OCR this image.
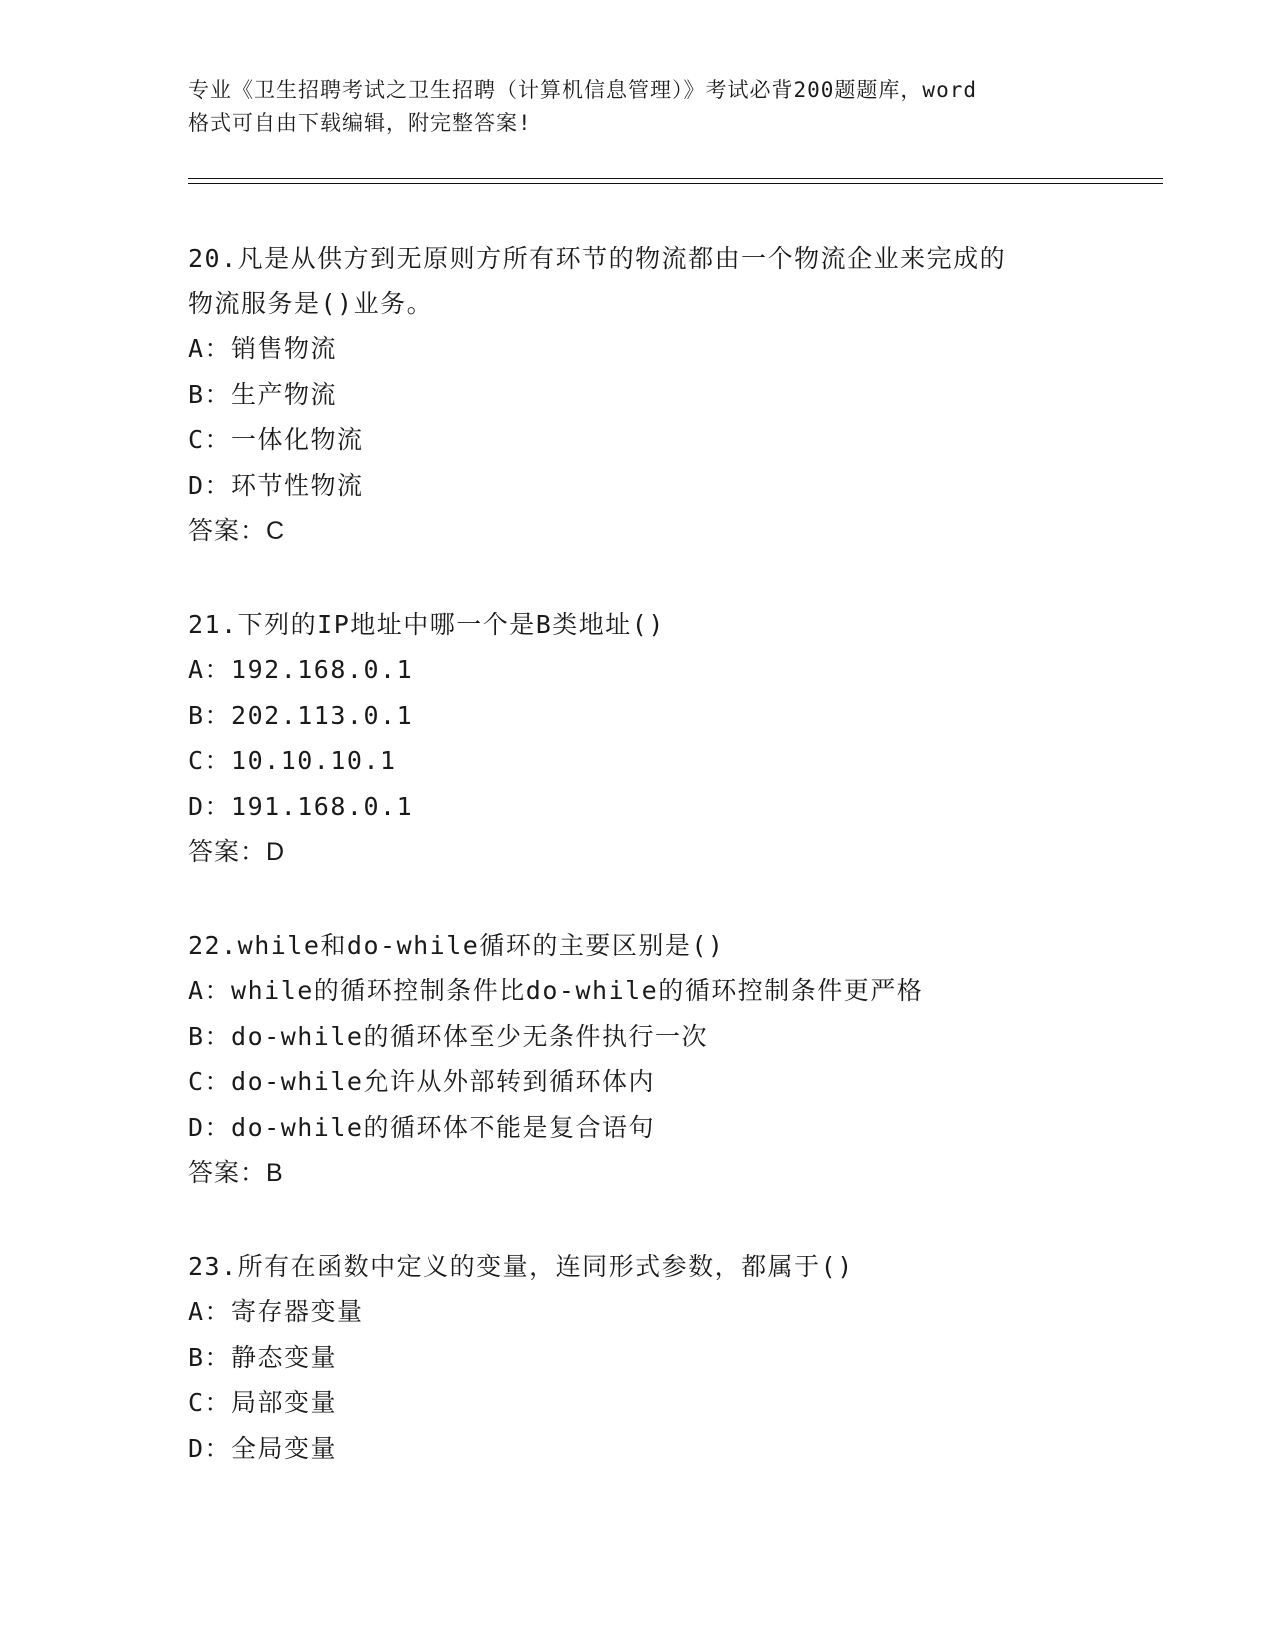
专业《卫生招聘考试之卫生招聘（计算机信息管理）》考试必背200题题库，word
格式可自由下载编辑，附完整答案!
20.凡是从供方到无原则方所有环节的物流都由一个物流企业来完成的
物流服务是()业务。
A：销售物流
B：生产物流
C：一体化物流
D：环节性物流
答案：C
21.下列的IP地址中哪一个是B类地址()
A：192.168.0.1
B：202.113.0.1
C：10.10.10.1
D：191.168.0.1
答案：D
22.while和do-while循环的主要区别是()
A：while的循环控制条件比do-while的循环控制条件更严格
B：do-while的循环体至少无条件执行一次
C：do-while允许从外部转到循环体内
D：do-while的循环体不能是复合语句
答案：B
23.所有在函数中定义的变量，连同形式参数，都属于()
A：寄存器变量
B：静态变量
C：局部变量
D：全局变量
